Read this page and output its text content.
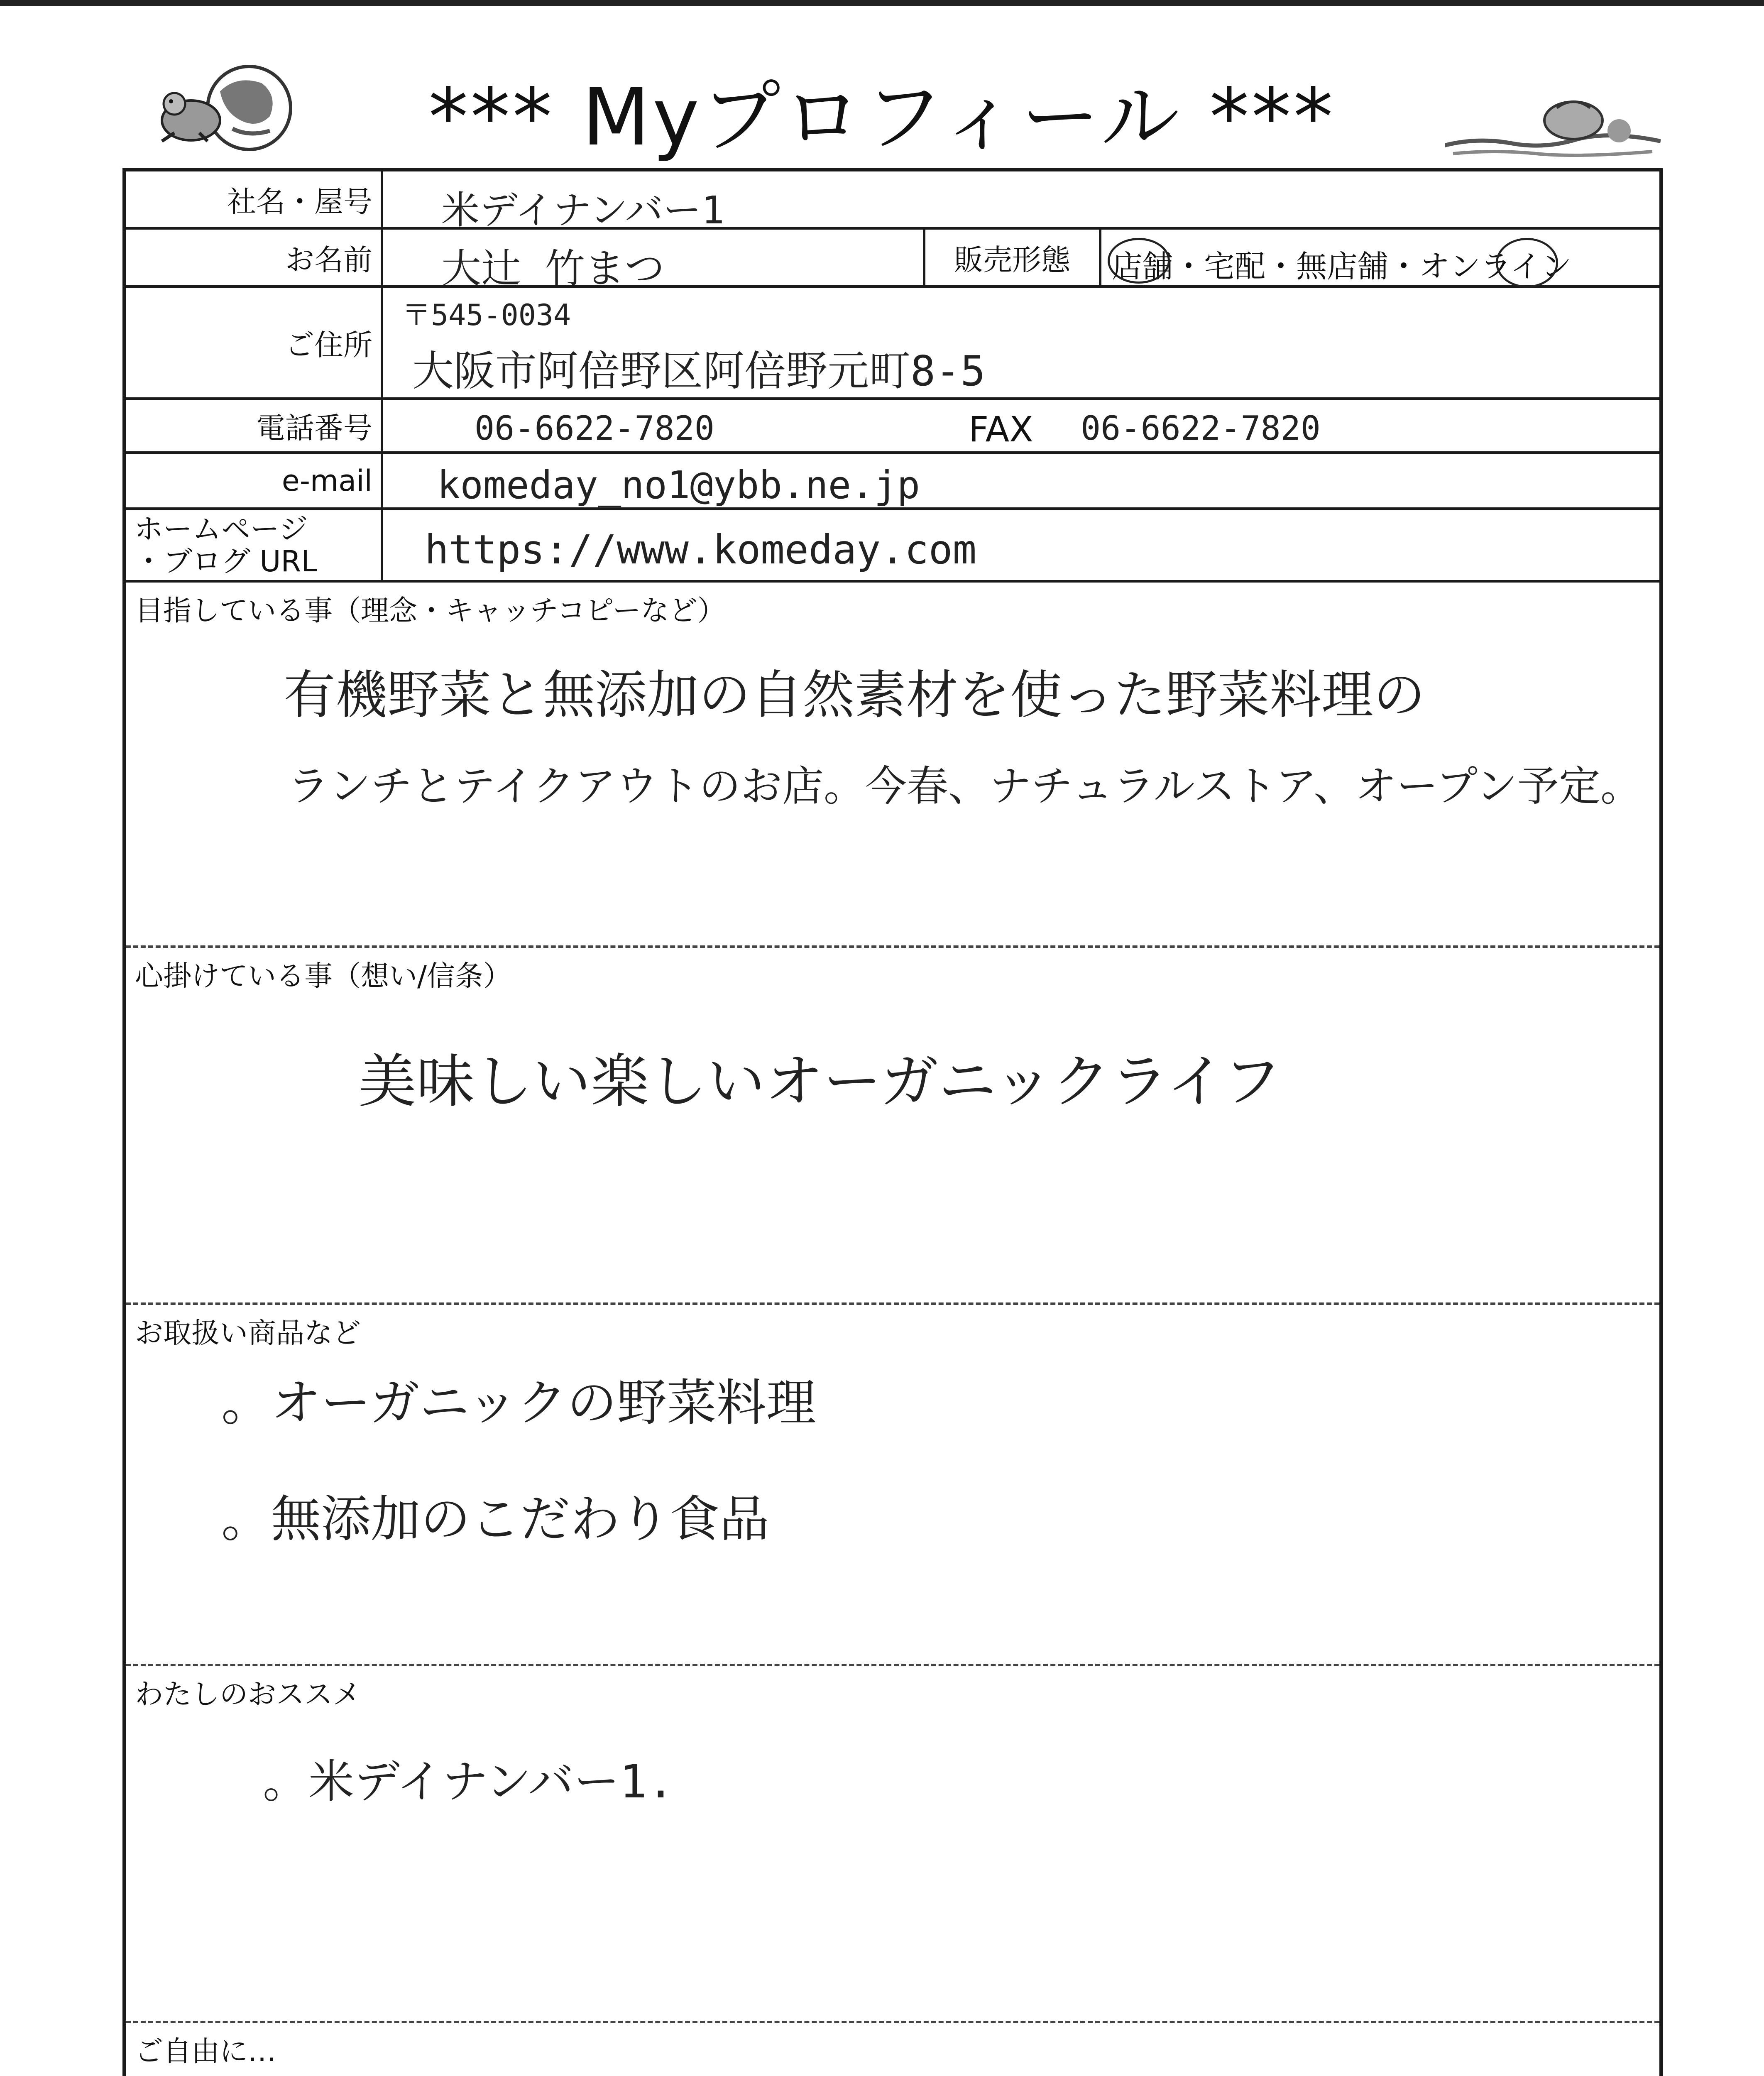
*** Myプロフィール ***
社名・屋号 米デイナンバー1
お名前 大辻 竹まつ	販売形態	店舗・宅配・無店舗・オンライン
ご住所
〒545-0034
大阪市阿倍野区阿倍野元町8-5
電話番号	06-6622-7820	FAX 06-6622-7820
e-mail komeday_no1@ybb.ne.jp
ホームページ
・ブログ URL	https://www.komeday.com
目指している事（理念・キャッチコピーなど）
有機野菜と無添加の自然素材を使った野菜料理の
ランチとテイクアウトのお店。今春、ナチュラルストア、オープン予定。
心掛けている事（想い/信条）
美味しい楽しいオーガニックライフ
お取扱い商品など
。オーガニックの野菜料理
。無添加のこだわり食品
わたしのおススメ
。米デイナンバー1.
ご自由に…
